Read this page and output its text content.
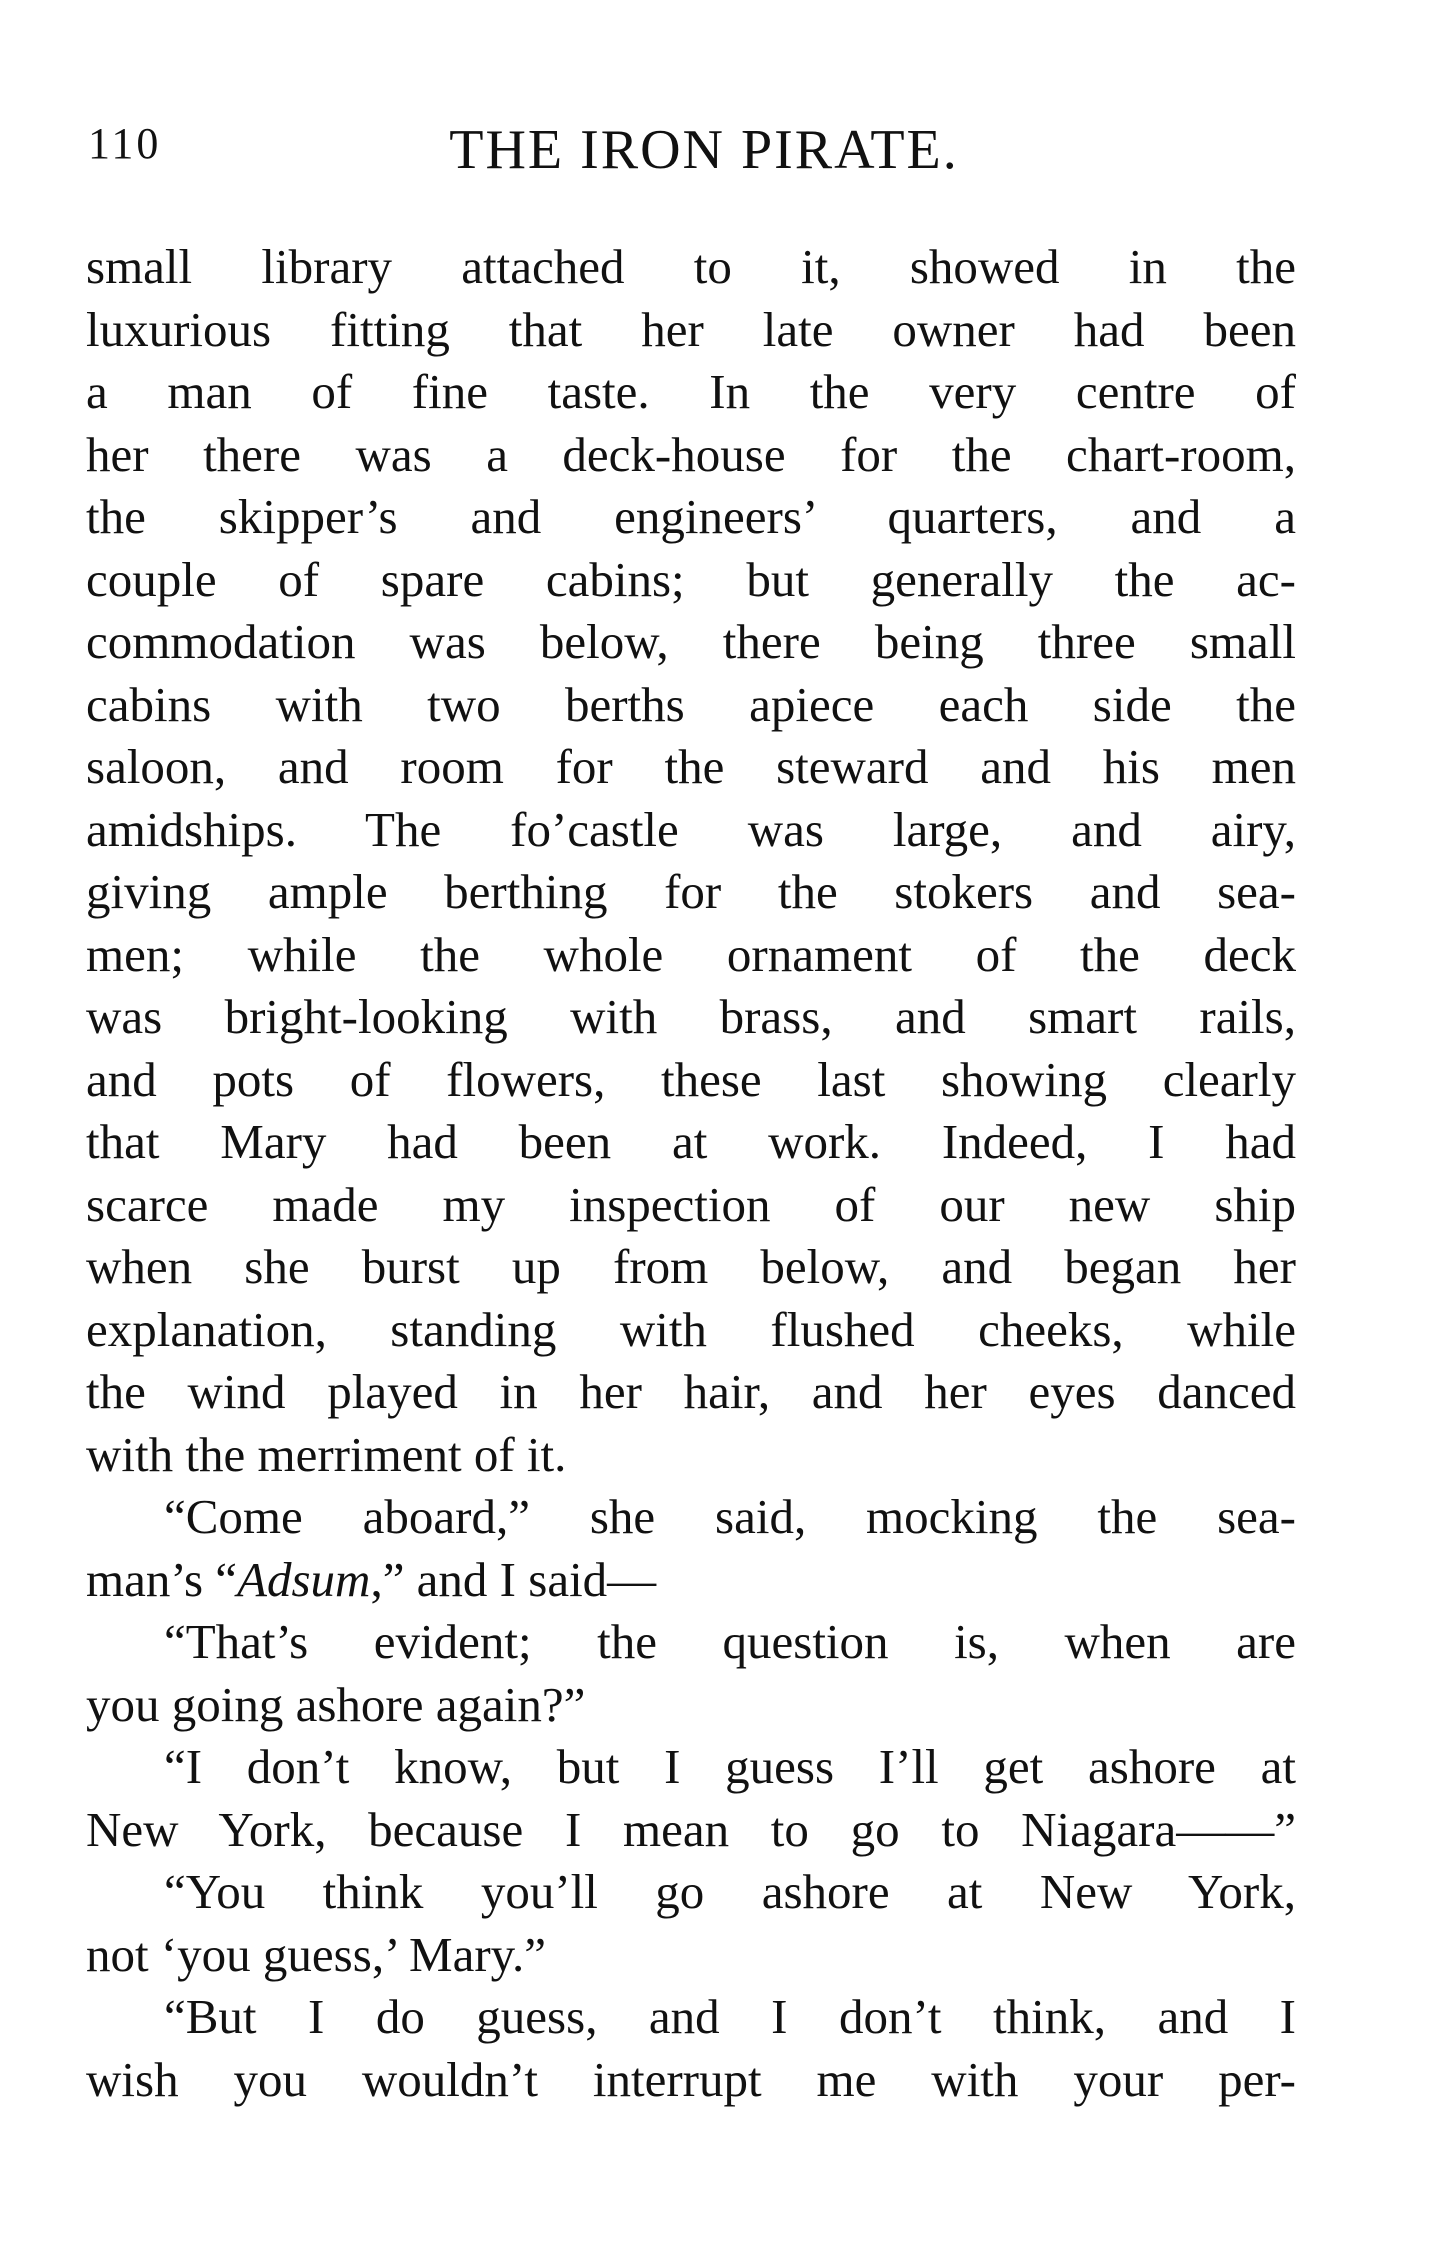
110	THE IRON PIRATE.
small library attached to it, showed in the
luxurious fitting that her late owner had been
a man of fine taste. In the very centre of
her there was a deck-house for the chart-room,
the skipper’s and engineers’ quarters, and a
couple of spare cabins; but generally the ac-
commodation was below, there being three small
cabins with two berths apiece each side the
saloon, and room for the steward and his men
amidships. The fo’castle was large, and airy,
giving ample berthing for the stokers and sea-
men; while the whole ornament of the deck
was bright-looking with brass, and smart rails,
and pots of flowers, these last showing clearly
that Mary had been at work. Indeed, I had
scarce made my inspection of our new ship
when she burst up from below, and began her
explanation, standing with flushed cheeks, while
the wind played in her hair, and her eyes danced
with the merriment of it.
“Come aboard,” she said, mocking the sea-
man’s “Adsum,” and I said—
“That’s evident; the question is, when are
you going ashore again?”
“I don’t know, but I guess I’ll get ashore at
New York, because I mean to go to Niagara——”
“You think you’ll go ashore at New York,
not ‘you guess,’ Mary.”
“But I do guess, and I don’t think, and I
wish you wouldn’t interrupt me with your per-
